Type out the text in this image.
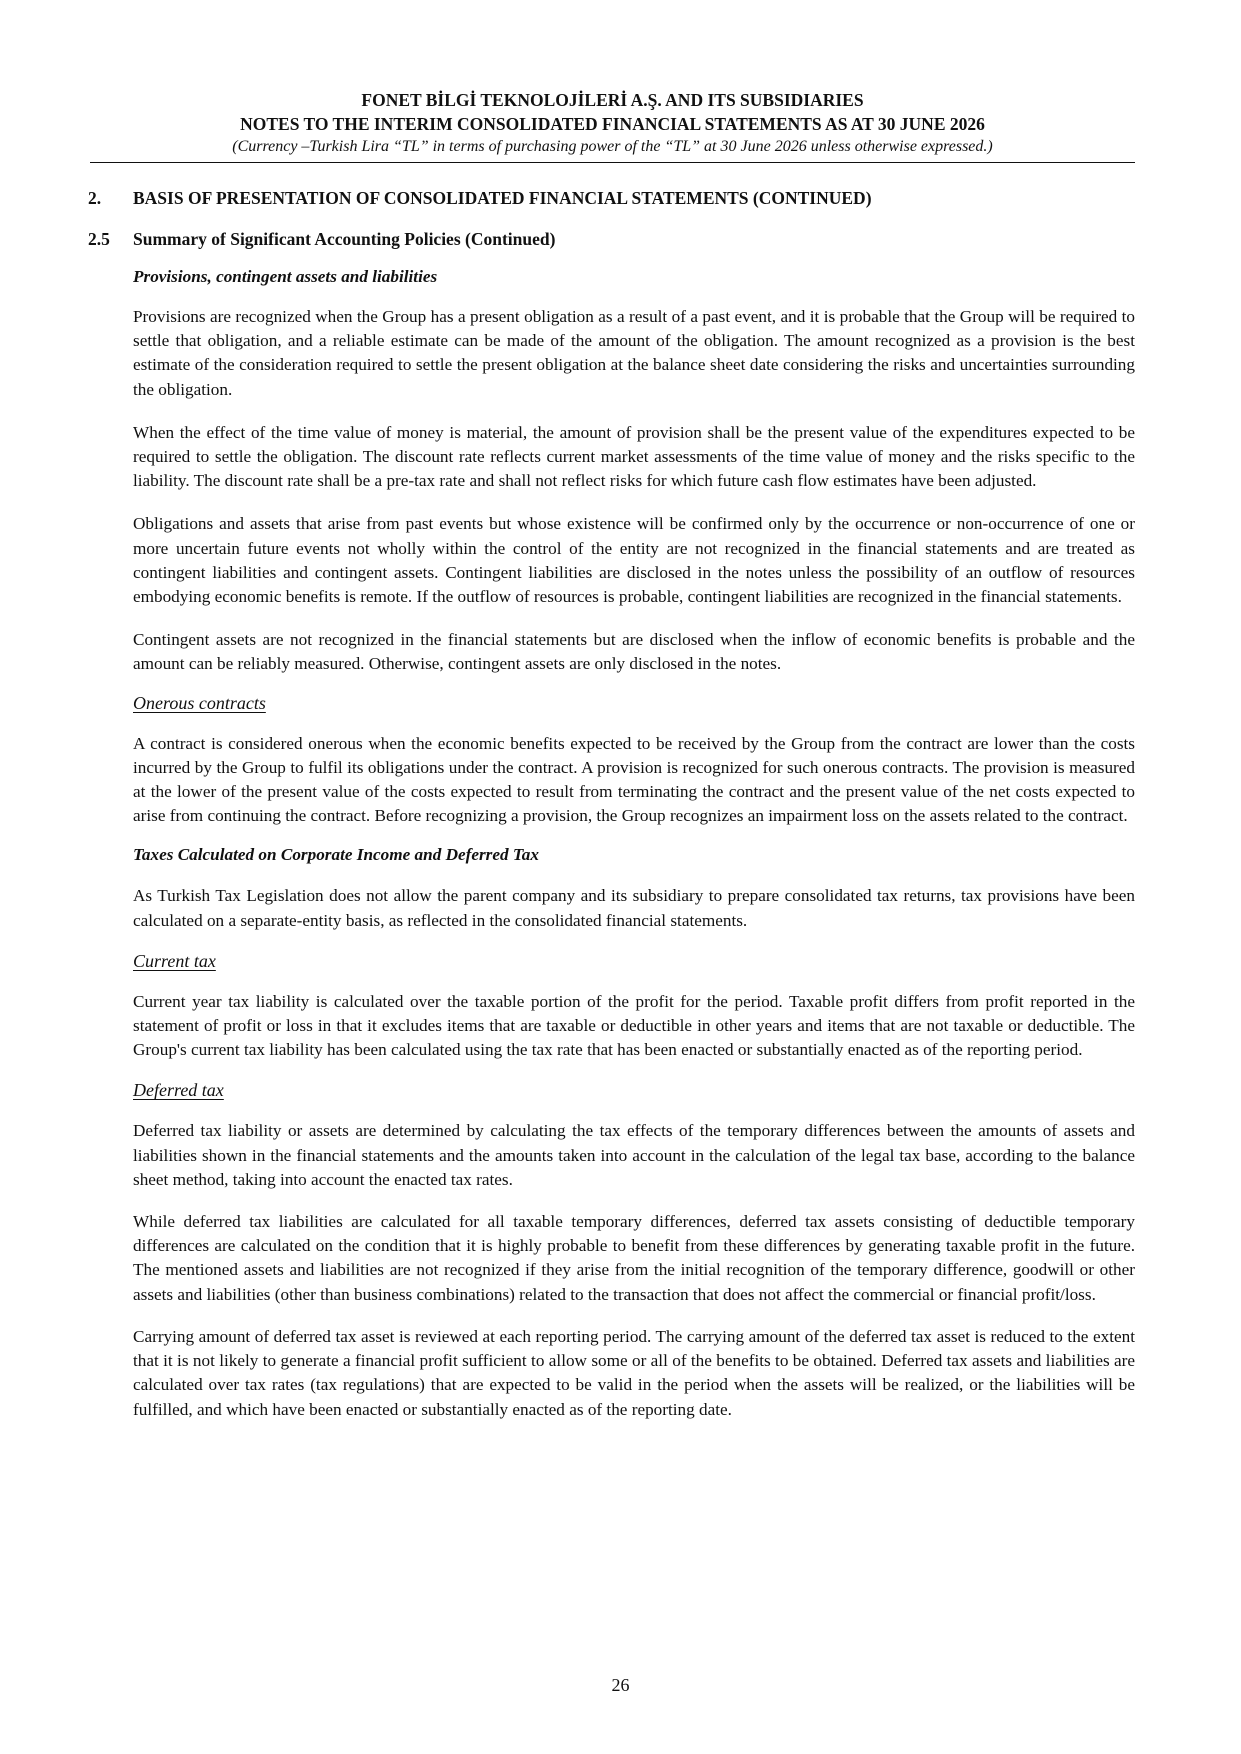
FONET BİLGİ TEKNOLOJİLERİ A.Ş. AND ITS SUBSIDIARIES
NOTES TO THE INTERIM CONSOLIDATED FINANCIAL STATEMENTS AS AT 30 JUNE 2026
(Currency –Turkish Lira “TL” in terms of purchasing power of the “TL” at 30 June 2026 unless otherwise expressed.)
2.	BASIS OF PRESENTATION OF CONSOLIDATED FINANCIAL STATEMENTS (CONTINUED)
2.5	Summary of Significant Accounting Policies (Continued)
Provisions, contingent assets and liabilities

Provisions are recognized when the Group has a present obligation as a result of a past event, and it is probable that the Group will be required to settle that obligation, and a reliable estimate can be made of the amount of the obligation. The amount recognized as a provision is the best estimate of the consideration required to settle the present obligation at the balance sheet date considering the risks and uncertainties surrounding the obligation.

When the effect of the time value of money is material, the amount of provision shall be the present value of the expenditures expected to be required to settle the obligation. The discount rate reflects current market assessments of the time value of money and the risks specific to the liability. The discount rate shall be a pre-tax rate and shall not reflect risks for which future cash flow estimates have been adjusted.

Obligations and assets that arise from past events but whose existence will be confirmed only by the occurrence or non-occurrence of one or more uncertain future events not wholly within the control of the entity are not recognized in the financial statements and are treated as contingent liabilities and contingent assets. Contingent liabilities are disclosed in the notes unless the possibility of an outflow of resources embodying economic benefits is remote. If the outflow of resources is probable, contingent liabilities are recognized in the financial statements.

Contingent assets are not recognized in the financial statements but are disclosed when the inflow of economic benefits is probable and the amount can be reliably measured. Otherwise, contingent assets are only disclosed in the notes.

Onerous contracts

A contract is considered onerous when the economic benefits expected to be received by the Group from the contract are lower than the costs incurred by the Group to fulfil its obligations under the contract. A provision is recognized for such onerous contracts. The provision is measured at the lower of the present value of the costs expected to result from terminating the contract and the present value of the net costs expected to arise from continuing the contract. Before recognizing a provision, the Group recognizes an impairment loss on the assets related to the contract.

Taxes Calculated on Corporate Income and Deferred Tax

As Turkish Tax Legislation does not allow the parent company and its subsidiary to prepare consolidated tax returns, tax provisions have been calculated on a separate-entity basis, as reflected in the consolidated financial statements.

Current tax

Current year tax liability is calculated over the taxable portion of the profit for the period. Taxable profit differs from profit reported in the statement of profit or loss in that it excludes items that are taxable or deductible in other years and items that are not taxable or deductible. The Group's current tax liability has been calculated using the tax rate that has been enacted or substantially enacted as of the reporting period.

Deferred tax

Deferred tax liability or assets are determined by calculating the tax effects of the temporary differences between the amounts of assets and liabilities shown in the financial statements and the amounts taken into account in the calculation of the legal tax base, according to the balance sheet method, taking into account the enacted tax rates.

While deferred tax liabilities are calculated for all taxable temporary differences, deferred tax assets consisting of deductible temporary differences are calculated on the condition that it is highly probable to benefit from these differences by generating taxable profit in the future. The mentioned assets and liabilities are not recognized if they arise from the initial recognition of the temporary difference, goodwill or other assets and liabilities (other than business combinations) related to the transaction that does not affect the commercial or financial profit/loss.

Carrying amount of deferred tax asset is reviewed at each reporting period. The carrying amount of the deferred tax asset is reduced to the extent that it is not likely to generate a financial profit sufficient to allow some or all of the benefits to be obtained. Deferred tax assets and liabilities are calculated over tax rates (tax regulations) that are expected to be valid in the period when the assets will be realized, or the liabilities will be fulfilled, and which have been enacted or substantially enacted as of the reporting date.

26
